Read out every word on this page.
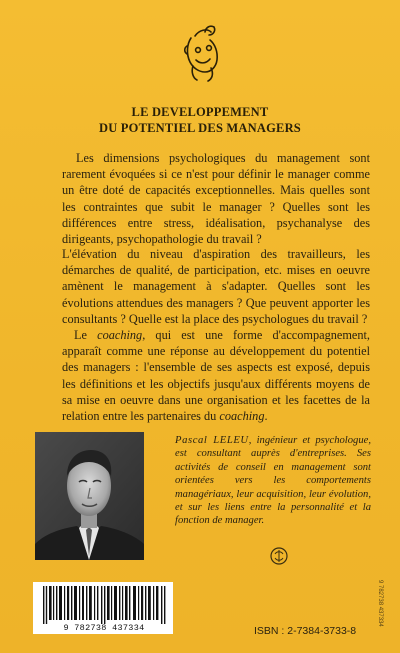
LE DEVELOPPEMENT
DU POTENTIEL DES MANAGERS
Les dimensions psychologiques du management sont rarement évoquées si ce n'est pour définir le manager comme un être doté de capacités exceptionnelles. Mais quelles sont les contraintes que subit le manager ? Quelles sont les différences entre stress, idéalisation, psychanalyse des dirigeants, psychopathologie du travail ?
L'élévation du niveau d'aspiration des travailleurs, les démarches de qualité, de participation, etc. mises en oeuvre amènent le management à s'adapter. Quelles sont les évolutions attendues des managers ? Que peuvent apporter les consultants ? Quelle est la place des psychologues du travail ?
Le coaching, qui est une forme d'accompagnement, apparaît comme une réponse au développement du potentiel des managers : l'ensemble de ses aspects est exposé, depuis les définitions et les objectifs jusqu'aux différents moyens de sa mise en oeuvre dans une organisation et les facettes de la relation entre les partenaires du coaching.
Pascal LELEU, ingénieur et psychologue, est consultant auprès d'entreprises. Ses activités de conseil en management sont orientées vers les comportements managériaux, leur acquisition, leur évolution, et sur les liens entre la personnalité et la fonction de manager.
9 782738 437334	ISBN : 2-7384-3733-8
9 782738 437334
